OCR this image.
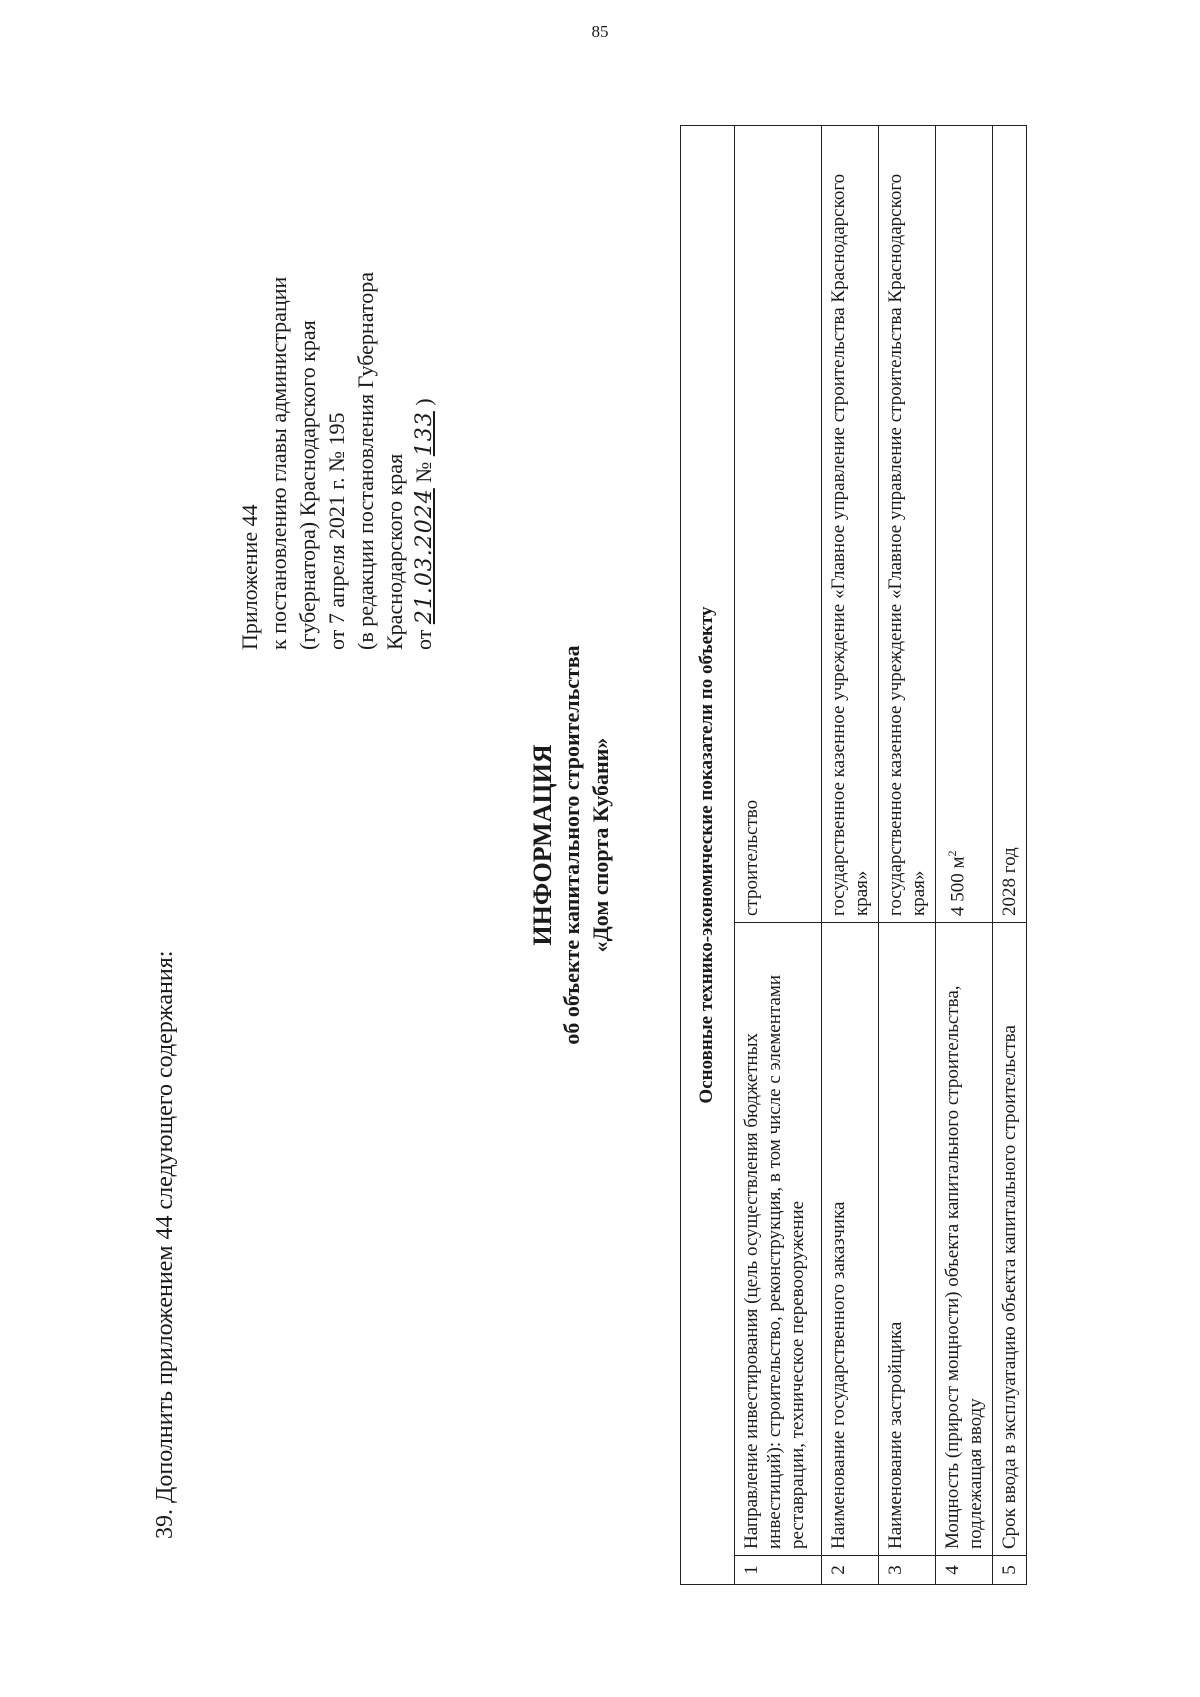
85
39. Дополнить приложением 44 следующего содержания:
Приложение 44 к постановлению главы администрации (губернатора) Краснодарского края от 7 апреля 2021 г. № 195 (в редакции постановления Губернатора Краснодарского края от 21.03.2024 № 133 )
ИНФОРМАЦИЯ об объекте капитального строительства «Дом спорта Кубани»	Основные технико-экономические показатели по объекту		
1	Направление инвестирования (цель осуществления бюджетных инвестиций): строительство, реконструкция, в том числе с элементами реставрации, техническое перевооружение	строительство
2	Наименование государственного заказчика	государственное казенное учреждение «Главное управление строительства Краснодарского края»
3	Наименование застройщика	государственное казенное учреждение «Главное управление строительства Краснодарского края»
4	Мощность (прирост мощности) объекта капитального строительства, подлежащая вводу	4 500 $м^2$
5	Срок ввода в эксплуатацию объекта капитального строительства	2028 год
